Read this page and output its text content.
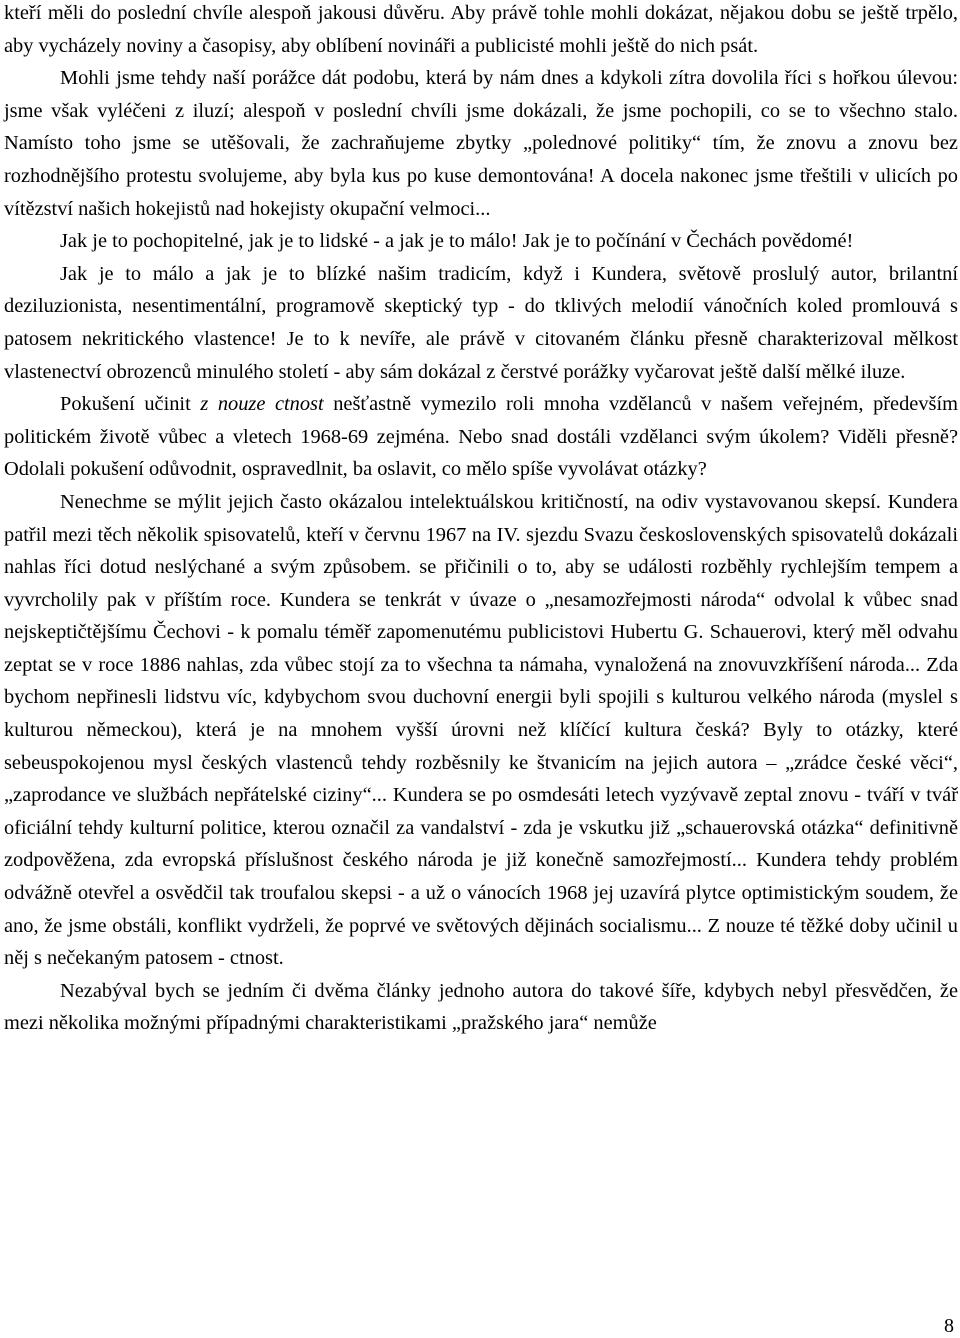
kteří měli do poslední chvíle alespoň jakousi důvěru. Aby právě tohle mohli dokázat, nějakou dobu se ještě trpělo, aby vycházely noviny a časopisy, aby oblíbení novináři a publicisté mohli ještě do nich psát.

Mohli jsme tehdy naší porážce dát podobu, která by nám dnes a kdykoli zítra dovolila říci s hořkou úlevou: jsme však vyléčeni z iluzí; alespoň v poslední chvíli jsme dokázali, že jsme pochopili, co se to všechno stalo. Namísto toho jsme se utěšovali, že zachraňujeme zbytky „polednové politiky“ tím, že znovu a znovu bez rozhodnějšího protestu svolujeme, aby byla kus po kuse demontována! A docela nakonec jsme třeštili v ulicích po vítězství našich hokejistů nad hokejisty okupační velmoci...

Jak je to pochopitelné, jak je to lidské - a jak je to málo! Jak je to počínání v Čechách povědomé!

Jak je to málo a jak je to blízké našim tradicím, když i Kundera, světově proslulý autor, brilantní deziluzionista, nesentimentální, programově skeptický typ - do tklivých melodií vánočních koled promlouvá s patosem nekritického vlastence! Je to k nevíře, ale právě v citovaném článku přesně charakterizoval mělkost vlastenectví obrozenců minulého století - aby sám dokázal z čerstvé porážky vyčarovat ještě další mělké iluze.

Pokušení učinit z nouze ctnost nešťastně vymezilo roli mnoha vzdělanců v našem veřejném, především politickém životě vůbec a vletech 1968-69 zejména. Nebo snad dostáli vzdělanci svým úkolem? Viděli přesně? Odolali pokušení odůvodnit, ospravedlnit, ba oslavit, co mělo spíše vyvolávat otázky?

Nenechme se mýlit jejich často okázalou intelektuálskou kritičností, na odiv vystavovanou skepsí. Kundera patřil mezi těch několik spisovatelů, kteří v červnu 1967 na IV. sjezdu Svazu československých spisovatelů dokázali nahlas říci dotud neslýchané a svým způsobem. se přičinili o to, aby se události rozběhly rychlejším tempem a vyvrcholily pak v příštím roce. Kundera se tenkrát v úvaze o „nesamozřejmosti národa“ odvolal k vůbec snad nejskeptičtějšímu Čechovi - k pomalu téměř zapomenutému publicistovi Hubertu G. Schauerovi, který měl odvahu zeptat se v roce 1886 nahlas, zda vůbec stojí za to všechna ta námaha, vynaložená na znovuvzkříšení národa... Zda bychom nepřinesli lidstvu víc, kdybychom svou duchovní energii byli spojili s kulturou velkého národa (myslel s kulturou německou), která je na mnohem vyšší úrovni než klíčící kultura česká? Byly to otázky, které sebeuspokojenou mysl českých vlastenců tehdy rozběsnily ke štvanicím na jejich autora – „zrádce české věci“, „zaprodance ve službách nepřátelské ciziny“... Kundera se po osmdesáti letech vyzývavě zeptal znovu - tváří v tvář oficiální tehdy kulturní politice, kterou označil za vandalství - zda je vskutku již „schauerovská otázka“ definitivně zodpověžena, zda evropská příslušnost českého národa je již konečně samozřejmostí... Kundera tehdy problém odvážně otevřel a osvědčil tak troufalou skepsi - a už o vánocích 1968 jej uzavírá plytce optimistickým soudem, že ano, že jsme obstáli, konflikt vydrželi, že poprvé ve světových dějinách socialismu... Z nouze té těžké doby učinil u něj s nečekaným patosem - ctnost.

Nezabýval bych se jedním či dvěma články jednoho autora do takové šíře, kdybych nebyl přesvědčen, že mezi několika možnými případnými charakteristikami „pražského jara“ nemůže

8
